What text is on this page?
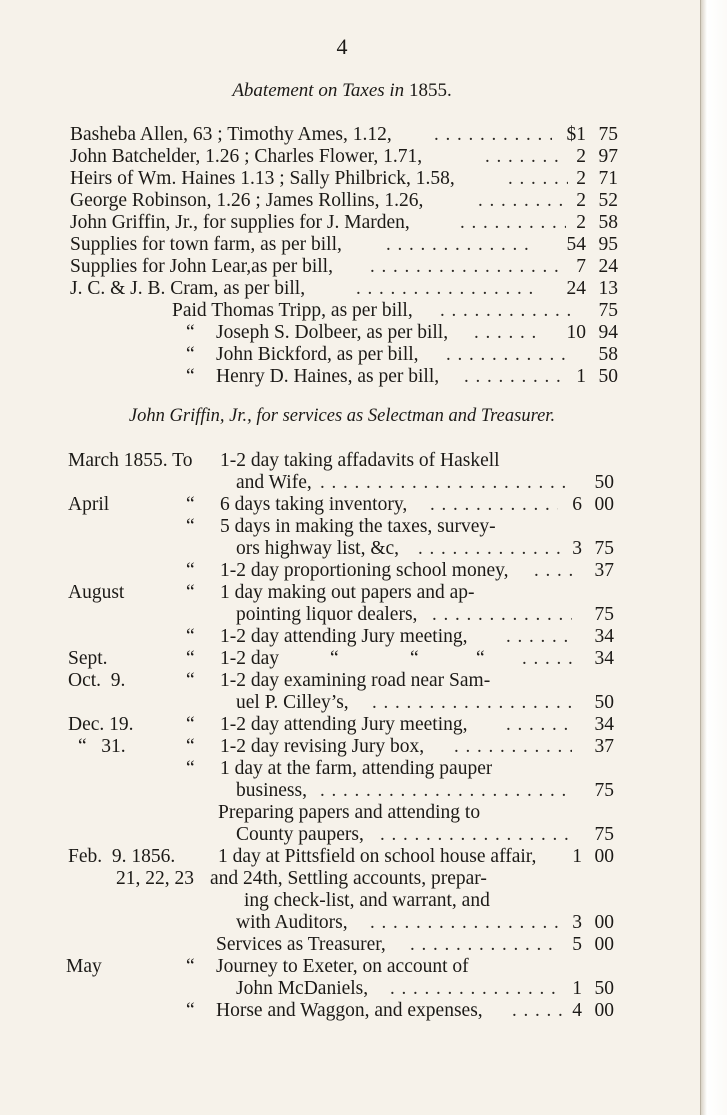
4
Abatement on Taxes in 1855.
Basheba Allen, 63 ; Timothy Ames, 1.12, . . .	$1 75
John Batchelder, 1.26 ; Charles Flower, 1.71, . . .	2 97
Heirs of Wm. Haines 1.13 ; Sally Philbrick, 1.58, . . .	2 71
George Robinson, 1.26 ; James Rollins, 1.26, . . .	2 52
John Griffin, Jr., for supplies for J. Marden, . . .	2 58
Supplies for town farm, as per bill, . . .	54 95
Supplies for John Lear,as per bill, . . .	7 24
J. C. & J. B. Cram, as per bill, . . .	24 13
Paid Thomas Tripp, as per bill, . . .	75
“ Joseph S. Dolbeer, as per bill, . . .	10 94
“ John Bickford, as per bill, . . .	58
“ Henry D. Haines, as per bill, . . .	1 50
John Griffin, Jr., for services as Selectman and Treasurer.
March 1855. To 1-2 day taking affadavits of Haskell
and Wife, . . .	50
April	“ 6 days taking inventory, . . .	6 00
“ 5 days in making the taxes, survey-
ors highway list, &c, . . .	3 75
“ 1-2 day proportioning school money, . . .	37
August	“ 1 day making out papers and ap-
pointing liquor dealers, . . .	75
“ 1-2 day attending Jury meeting, . . .	34
Sept.	“ 1-2 day	“	“	“ . . .	34
Oct.  9.	“ 1-2 day examining road near Sam-
uel P. Cilley’s, . . .	50
Dec. 19.	“ 1-2 day attending Jury meeting, . . .	34
“   31.	“ 1-2 day revising Jury box, . . .	37
“ 1 day at the farm, attending pauper
business, . . .	75
Preparing papers and attending to
County paupers, . . .	75
Feb.  9. 1856. 1 day at Pittsfield on school house affair,	1 00
21, 22, 23 and 24th, Settling accounts, prepar-
ing check-list, and warrant, and
with Auditors, . . .	3 00
Services as Treasurer, . . .	5 00
May	“ Journey to Exeter, on account of
John McDaniels, . . .	1 50
“ Horse and Waggon, and expenses, . . .	4 00
